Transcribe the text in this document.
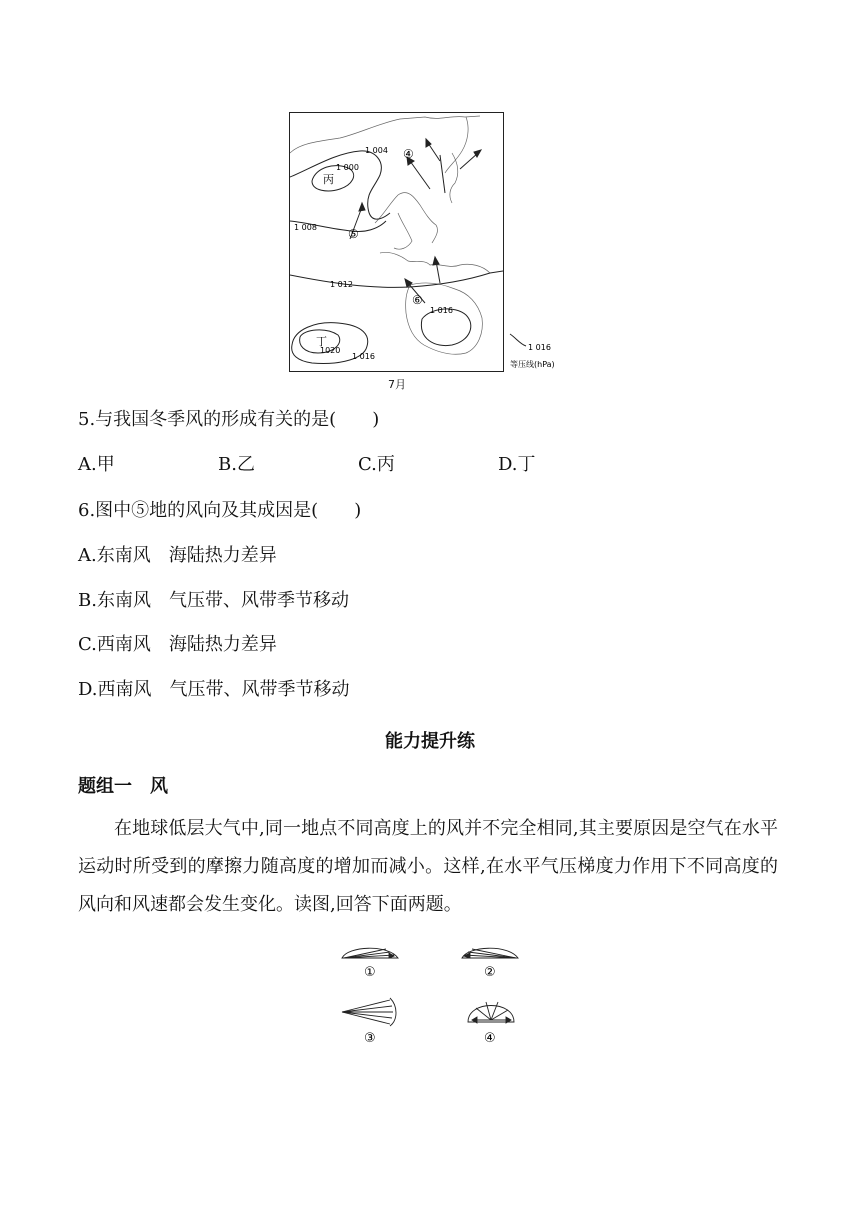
1 004
1 000
1 008
1 012
1 016
1020
1 016
丙
丁
④
⑤
⑥
1 016
等压线(hPa)
7月
5.与我国冬季风的形成有关的是(　　)
A.甲	B.乙	C.丙	D.丁
6.图中⑤地的风向及其成因是(　　)
A.东南风　海陆热力差异
B.东南风　气压带、风带季节移动
C.西南风　海陆热力差异
D.西南风　气压带、风带季节移动
能力提升练
题组一　风
在地球低层大气中,同一地点不同高度上的风并不完全相同,其主要原因是空气在水平运动时所受到的摩擦力随高度的增加而减小。这样,在水平气压梯度力作用下不同高度的风向和风速都会发生变化。读图,回答下面两题。
①	②
③	④
